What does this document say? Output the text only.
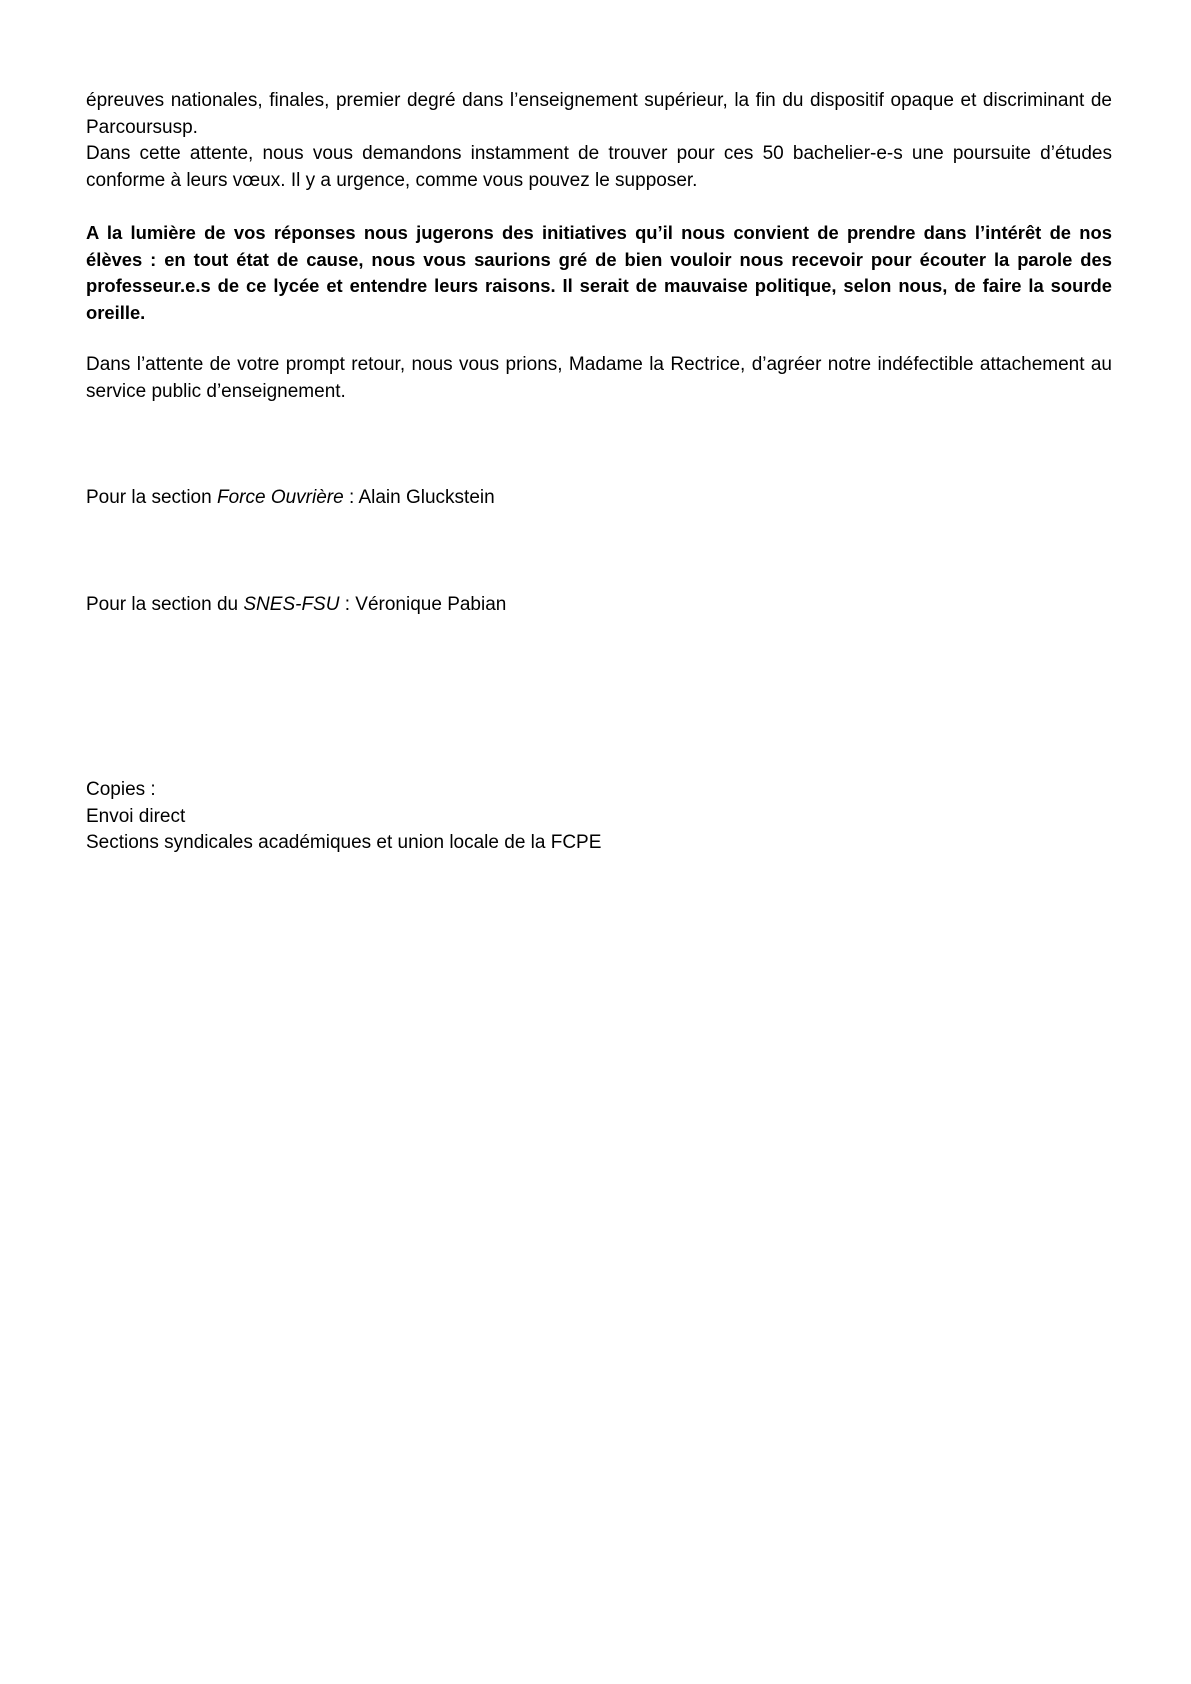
épreuves nationales, finales, premier degré dans l’enseignement supérieur, la fin du dispositif opaque et discriminant de Parcoursusp.

Dans cette attente, nous vous demandons instamment de trouver pour ces 50 bachelier-e-s une poursuite d’études conforme à leurs vœux. Il y a urgence, comme vous pouvez le supposer.

A la lumière de vos réponses nous jugerons des initiatives qu’il nous convient de prendre dans l’intérêt de nos élèves : en tout état de cause, nous vous saurions gré de bien vouloir nous recevoir pour écouter la parole des professeur.e.s de ce lycée et entendre leurs raisons. Il serait de mauvaise politique, selon nous, de faire la sourde oreille.

Dans l’attente de votre prompt retour, nous vous prions, Madame la Rectrice, d’agréer notre indéfectible attachement au service public d’enseignement.

Pour la section Force Ouvrière : Alain Gluckstein

Pour la section du SNES-FSU : Véronique Pabian

Copies :

Envoi direct

Sections syndicales académiques et union locale de la FCPE
